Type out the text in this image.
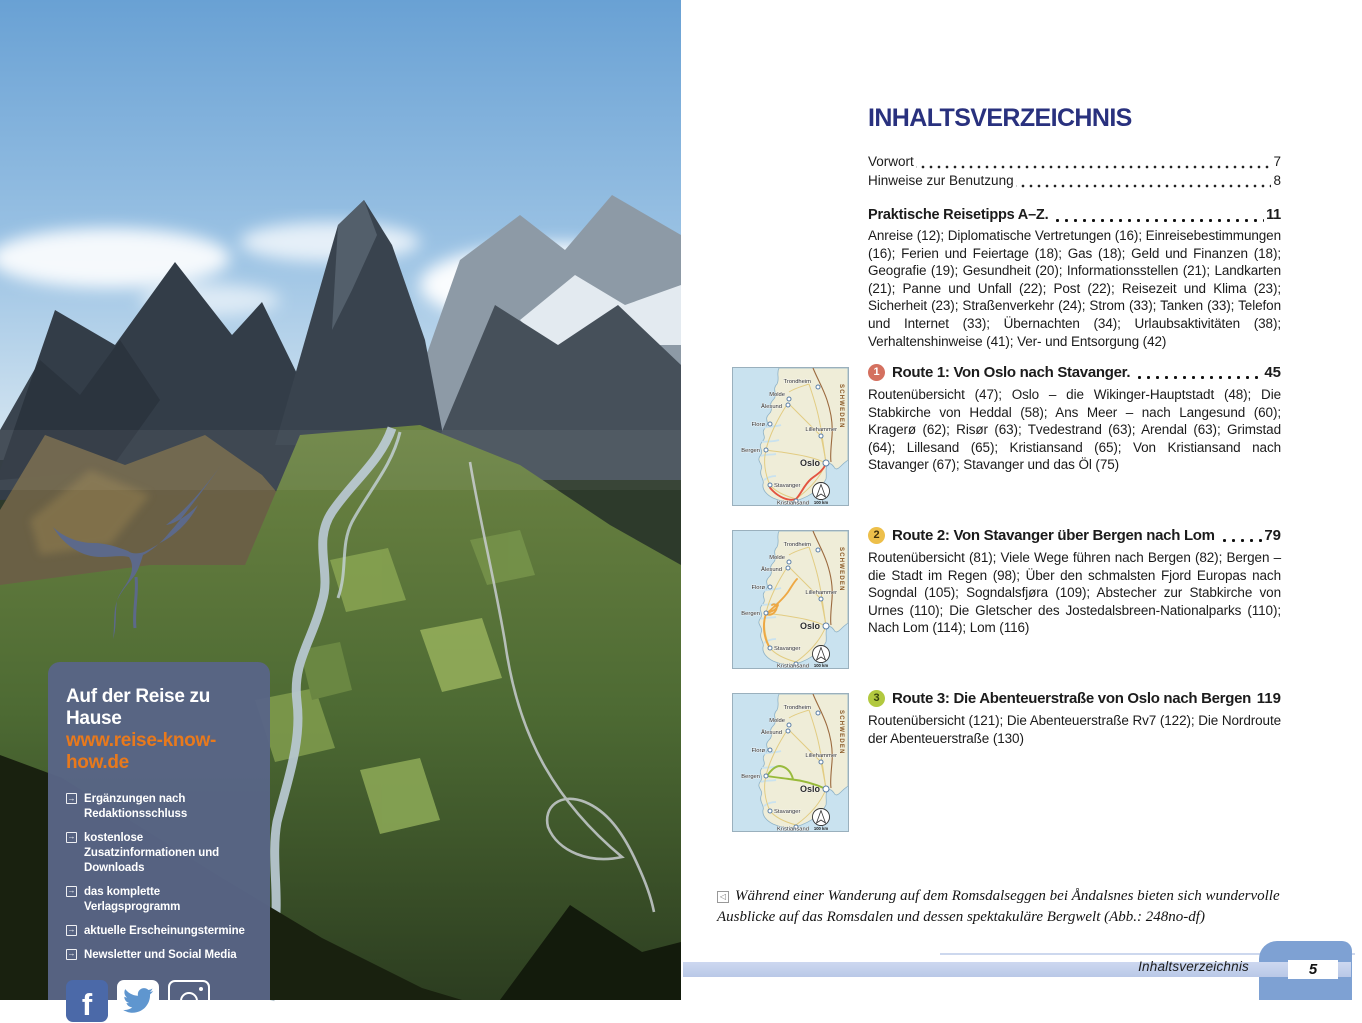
Auf der Reise zu Hause
www.reise-know-how.de
→ Ergänzungen nach Redaktionsschluss
→ kostenlose Zusatzinformationen und Downloads
→ das komplette Verlagsprogramm
→ aktuelle Erscheinungstermine
→ Newsletter und Social Media
f
INHALTSVERZEICHNIS
Vorwort	7
Hinweise zur Benutzung	8
Praktische Reisetipps A–Z.	11
Anreise (12); Diplomatische Vertretungen (16); Einreisebestimmungen (16); Ferien und Feiertage (18); Gas (18); Geld und Finanzen (18); Geografie (19); Gesundheit (20); Informationsstellen (21); Landkarten (21); Panne und Unfall (22); Post (22); Reisezeit und Klima (23); Sicherheit (23); Straßenverkehr (24); Strom (33); Tanken (33); Telefon und Internet (33); Übernachten (34); Urlaubsaktivitäten (38); Verhaltenshinweise (41); Ver- und Entsorgung (42)
SCHWEDEN
Trondheim
Molde
Ålesund
Florø
Lillehammer
Bergen
Oslo
Stavanger
Kristiansand 100 km
SCHWEDEN
Trondheim
Molde
Ålesund
Florø
Lillehammer
Bergen
Oslo
Stavanger
Kristiansand 100 km
SCHWEDEN
Trondheim
Molde
Ålesund
Florø
Lillehammer
Bergen
Oslo
Stavanger
Kristiansand 100 km
1 Route 1: Von Oslo nach Stavanger.	45
Routenübersicht (47); Oslo – die Wikinger-Hauptstadt (48); Die Stabkirche von Heddal (58); Ans Meer – nach Langesund (60); Kragerø (62); Risør (63); Tvedestrand (63); Arendal (63); Grimstad (64); Lillesand (65); Kristiansand (65); Von Kristiansand nach Stavanger (67); Stavanger und das Öl (75)
2 Route 2: Von Stavanger über Bergen nach Lom	79
Routenübersicht (81); Viele Wege führen nach Bergen (82); Bergen – die Stadt im Regen (98); Über den schmalsten Fjord Europas nach Sogndal (105); Sogndalsfjøra (109); Abstecher zur Stabkirche von Urnes (110); Die Gletscher des Jostedalsbreen-Nationalparks (110); Nach Lom (114); Lom (116)
3 Route 3: Die Abenteuerstraße von Oslo nach Bergen 119
Routenübersicht (121); Die Abenteuerstraße Rv7 (122); Die Nordroute der Abenteuerstraße (130)
◁ Während einer Wanderung auf dem Romsdalseggen bei Åndalsnes bieten sich wundervolle Ausblicke auf das Romsdalen und dessen spektakuläre Bergwelt (Abb.: 248no-df)
Inhaltsverzeichnis	5
